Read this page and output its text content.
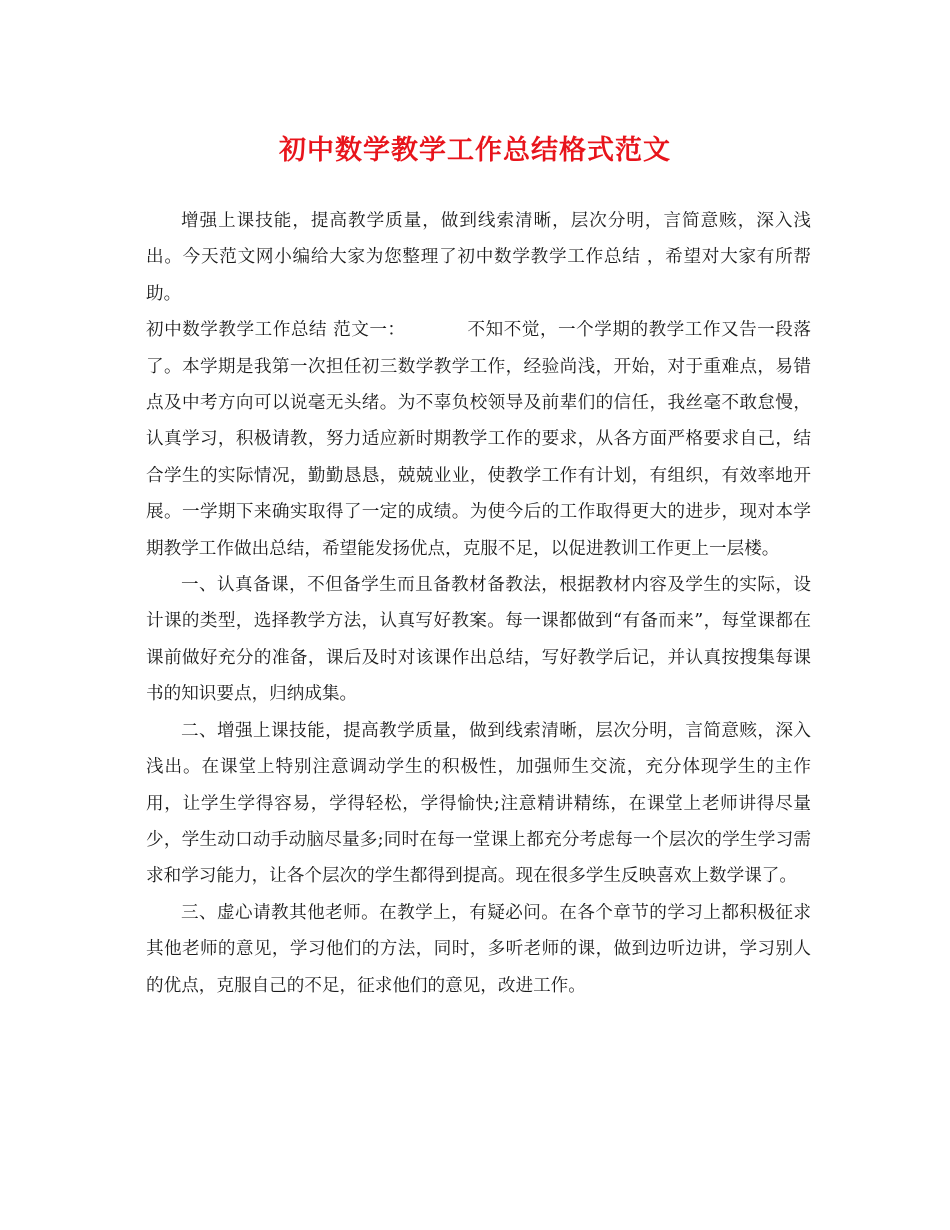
初中数学教学工作总结格式范文

增强上课技能，提高教学质量，做到线索清晰，层次分明，言简意赅，深入浅出。今天范文网小编给大家为您整理了初中数学教学工作总结 ，希望对大家有所帮助。

初中数学教学工作总结 范文一：	不知不觉，一个学期的教学工作又告一段落了。本学期是我第一次担任初三数学教学工作，经验尚浅，开始，对于重难点，易错点及中考方向可以说毫无头绪。为不辜负校领导及前辈们的信任，我丝毫不敢怠慢，认真学习，积极请教，努力适应新时期教学工作的要求，从各方面严格要求自己，结合学生的实际情况，勤勤恳恳，兢兢业业，使教学工作有计划，有组织，有效率地开展。一学期下来确实取得了一定的成绩。为使今后的工作取得更大的进步，现对本学期教学工作做出总结，希望能发扬优点，克服不足，以促进教训工作更上一层楼。

一、认真备课，不但备学生而且备教材备教法，根据教材内容及学生的实际，设计课的类型，选择教学方法，认真写好教案。每一课都做到“有备而来”，每堂课都在课前做好充分的准备，课后及时对该课作出总结，写好教学后记，并认真按搜集每课书的知识要点，归纳成集。

二、增强上课技能，提高教学质量，做到线索清晰，层次分明，言简意赅，深入浅出。在课堂上特别注意调动学生的积极性，加强师生交流，充分体现学生的主作用，让学生学得容易，学得轻松，学得愉快;注意精讲精练，在课堂上老师讲得尽量少，学生动口动手动脑尽量多;同时在每一堂课上都充分考虑每一个层次的学生学习需求和学习能力，让各个层次的学生都得到提高。现在很多学生反映喜欢上数学课了。

三、虚心请教其他老师。在教学上，有疑必问。在各个章节的学习上都积极征求其他老师的意见，学习他们的方法，同时，多听老师的课，做到边听边讲，学习别人的优点，克服自己的不足，征求他们的意见，改进工作。
